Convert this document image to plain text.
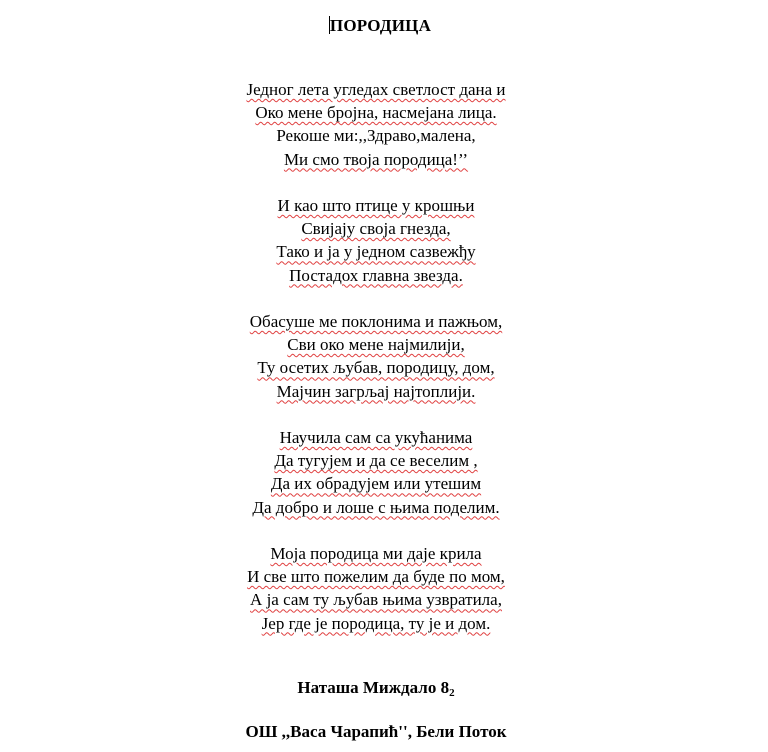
ПОРОДИЦА
Једног лета угледах светлост дана и
Око мене бројна, насмејана лица.
Рекоше ми:,,Здраво,малена,
Ми смо твоја породица!’’
И као што птице у крошњи
Свијају своја гнезда,
Тако и ја у једном сазвежђу
Постадох главна звезда.
Обасуше ме поклонима и пажњом,
Сви око мене најмилији,
Ту осетих љубав, породицу, дом,
Мајчин загрљај најтоплији.
Научила сам са укућанима
Да тугујем и да се веселим ,
Да их обрадујем или утешим
Да добро и лоше с њима поделим.
Моја породица ми даје крила
И све што пожелим да буде по мом,
А ја сам ту љубав њима узвратила,
Јер где је породица, ту је и дом.
Наташа Миждало $8_2$
ОШ ,,Васа Чарапић'', Бели Поток
